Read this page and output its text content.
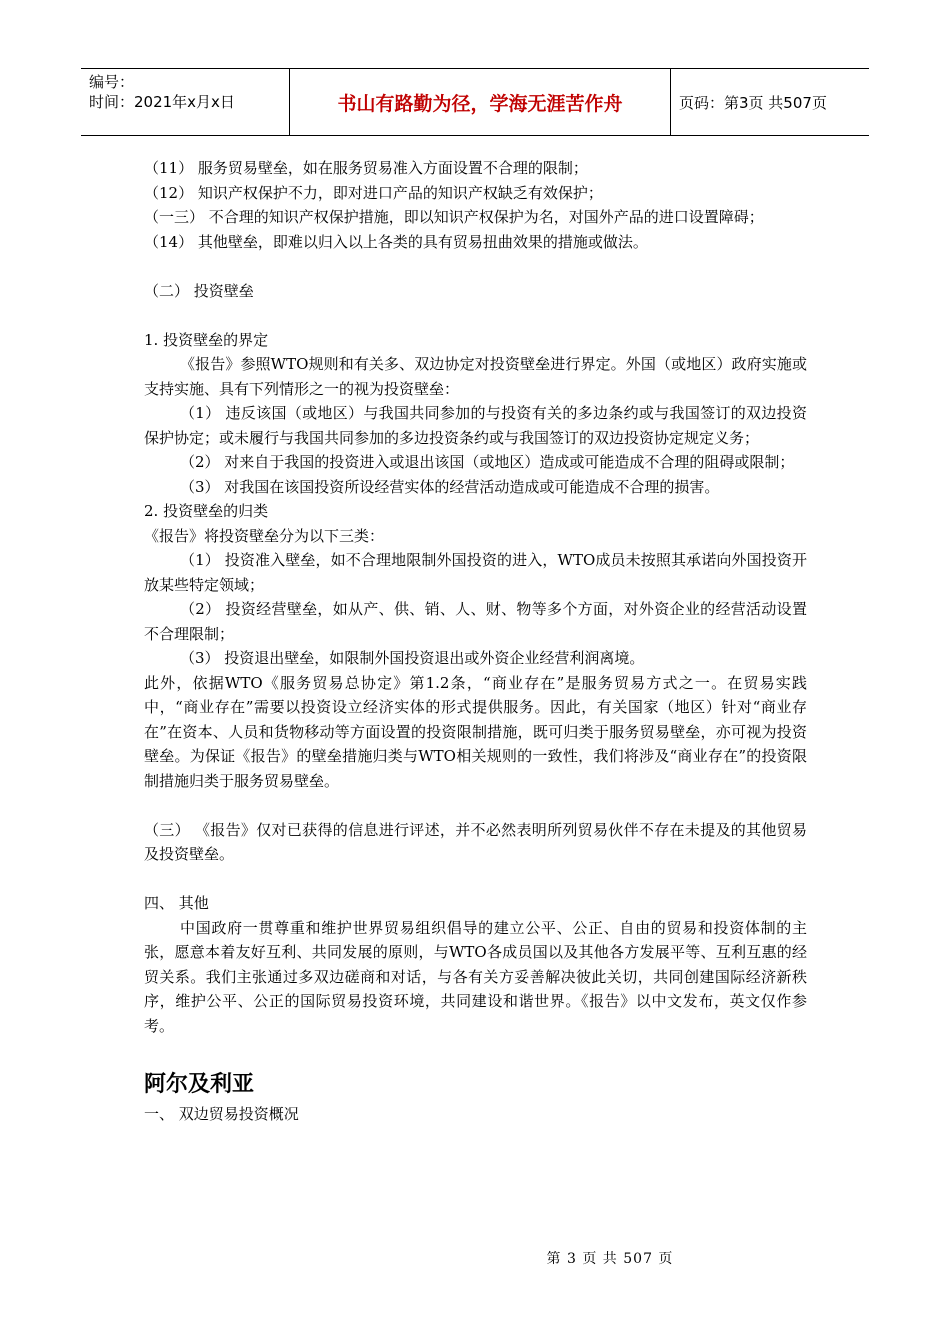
编号：
时间：2021年x月x日	书山有路勤为径，学海无涯苦作舟	页码：第3页 共507页

（11） 服务贸易壁垒，如在服务贸易准入方面设置不合理的限制；

（12） 知识产权保护不力，即对进口产品的知识产权缺乏有效保护；

（一三） 不合理的知识产权保护措施，即以知识产权保护为名，对国外产品的进口设置障碍；

（14） 其他壁垒，即难以归入以上各类的具有贸易扭曲效果的措施或做法。

（二） 投资壁垒

1. 投资壁垒的界定

《报告》参照WTO规则和有关多、双边协定对投资壁垒进行界定。外国（或地区）政府实施或支持实施、具有下列情形之一的视为投资壁垒：

（1） 违反该国（或地区）与我国共同参加的与投资有关的多边条约或与我国签订的双边投资保护协定；或未履行与我国共同参加的多边投资条约或与我国签订的双边投资协定规定义务；

（2） 对来自于我国的投资进入或退出该国（或地区）造成或可能造成不合理的阻碍或限制；

（3） 对我国在该国投资所设经营实体的经营活动造成或可能造成不合理的损害。

2. 投资壁垒的归类

《报告》将投资壁垒分为以下三类：

（1） 投资准入壁垒，如不合理地限制外国投资的进入，WTO成员未按照其承诺向外国投资开放某些特定领域；

（2） 投资经营壁垒，如从产、供、销、人、财、物等多个方面，对外资企业的经营活动设置不合理限制；

（3） 投资退出壁垒，如限制外国投资退出或外资企业经营利润离境。

此外，依据WTO《服务贸易总协定》第1.2条，“商业存在”是服务贸易方式之一。在贸易实践中，“商业存在”需要以投资设立经济实体的形式提供服务。因此，有关国家（地区）针对“商业存在”在资本、人员和货物移动等方面设置的投资限制措施，既可归类于服务贸易壁垒，亦可视为投资壁垒。为保证《报告》的壁垒措施归类与WTO相关规则的一致性，我们将涉及“商业存在”的投资限制措施归类于服务贸易壁垒。

（三） 《报告》仅对已获得的信息进行评述，并不必然表明所列贸易伙伴不存在未提及的其他贸易及投资壁垒。

四、 其他

中国政府一贯尊重和维护世界贸易组织倡导的建立公平、公正、自由的贸易和投资体制的主张，愿意本着友好互利、共同发展的原则，与WTO各成员国以及其他各方发展平等、互利互惠的经贸关系。我们主张通过多双边磋商和对话，与各有关方妥善解决彼此关切，共同创建国际经济新秩序，维护公平、公正的国际贸易投资环境，共同建设和谐世界。《报告》以中文发布，英文仅作参考。

阿尔及利亚

一、 双边贸易投资概况

第 3 页 共 507 页
